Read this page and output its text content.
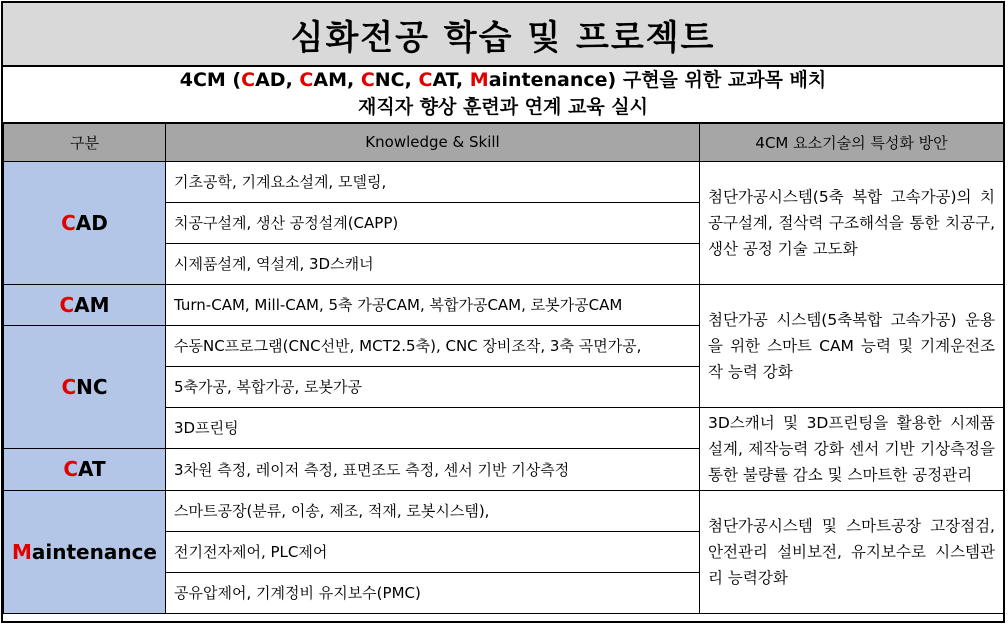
심화전공 학습 및 프로젝트
4CM (CAD, CAM, CNC, CAT, Maintenance) 구현을 위한 교과목 배치
재직자 향상 훈련과 연계 교육 실시
구분	Knowledge & Skill	4CM 요소기술의 특성화 방안
CAD	기초공학, 기계요소설계, 모델링,	첨단가공시스템(5축 복합 고속가공)의 치공구설계, 절삭력 구조해석을 통한 치공구, 생산 공정 기술 고도화
	치공구설계, 생산 공정설계(CAPP)	
	시제품설계, 역설계, 3D스캐너	
CAM	Turn-CAM, Mill-CAM, 5축 가공CAM, 복합가공CAM, 로봇가공CAM	첨단가공 시스템(5축복합 고속가공) 운용을 위한 스마트 CAM 능력 및 기계운전조작 능력 강화
CNC	수동NC프로그램(CNC선반, MCT2.5축), CNC 장비조작, 3축 곡면가공,	
	5축가공, 복합가공, 로봇가공	
	3D프린팅	3D스캐너 및 3D프린팅을 활용한 시제품설계, 제작능력 강화 센서 기반 기상측정을 통한 불량률 감소 및 스마트한 공정관리
CAT	3차원 측정, 레이저 측정, 표면조도 측정, 센서 기반 기상측정	
Maintenance	스마트공장(분류, 이송, 제조, 적재, 로봇시스템),	첨단가공시스템 및 스마트공장 고장점검, 안전관리 설비보전, 유지보수로 시스템관리 능력강화
	전기전자제어, PLC제어	
	공유압제어, 기계정비 유지보수(PMC)	
